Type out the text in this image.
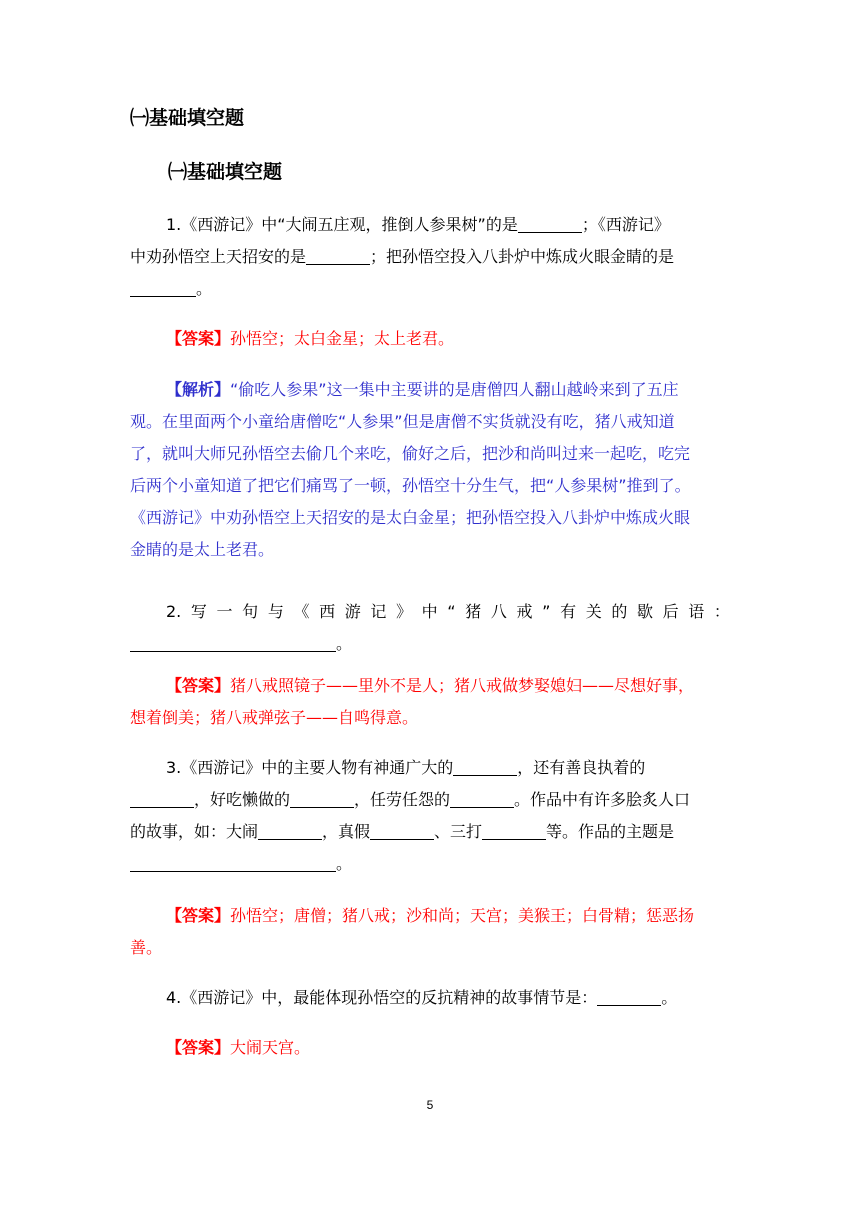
㈠基础填空题
㈠基础填空题
1.《西游记》中“大闹五庄观，推倒人参果树”的是	；《西游记》
中劝孙悟空上天招安的是	；把孙悟空投入八卦炉中炼成火眼金睛的是
。
【答案】孙悟空；太白金星；太上老君。
【解析】“偷吃人参果”这一集中主要讲的是唐僧四人翻山越岭来到了五庄
观。在里面两个小童给唐僧吃“人参果”但是唐僧不实货就没有吃，猪八戒知道
了，就叫大师兄孙悟空去偷几个来吃，偷好之后，把沙和尚叫过来一起吃，吃完
后两个小童知道了把它们痛骂了一顿，孙悟空十分生气，把“人参果树”推到了。
《西游记》中劝孙悟空上天招安的是太白金星；把孙悟空投入八卦炉中炼成火眼
金睛的是太上老君。
2. 写 一 句 与 《 西 游 记 》 中 “ 猪 八 戒 ” 有 关 的 歇 后 语 ：
。
【答案】猪八戒照镜子——里外不是人；猪八戒做梦娶媳妇——尽想好事，
想着倒美；猪八戒弹弦子——自鸣得意。
3.《西游记》中的主要人物有神通广大的	，还有善良执着的
，好吃懒做的	，任劳任怨的	。作品中有许多脍炙人口
的故事，如：大闹	，真假	、三打	等。作品的主题是
。
【答案】孙悟空；唐僧；猪八戒；沙和尚；天宫；美猴王；白骨精；惩恶扬
善。
4.《西游记》中，最能体现孙悟空的反抗精神的故事情节是：	。
【答案】大闹天宫。
5
